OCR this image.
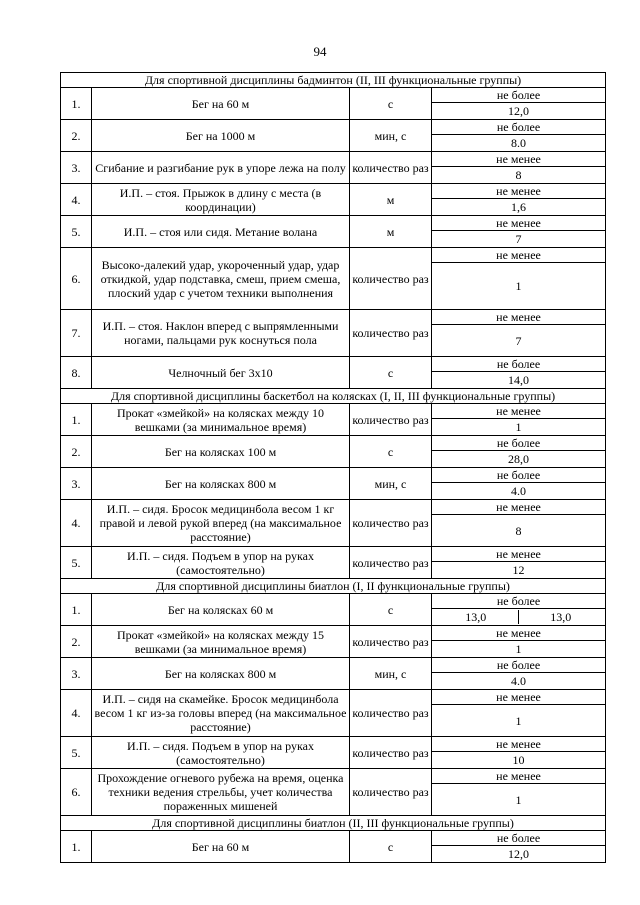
94
Для спортивной дисциплины бадминтон (II, III функциональные группы)			
1.	Бег на 60 м	с	не более
			12,0
2.	Бег на 1000 м	мин, с	не более
			8.0
3.	Сгибание и разгибание рук в упоре лежа на полу	количество раз	не менее
			8
4.	И.П. – стоя. Прыжок в длину с места (в координации)	м	не менее
			1,6
5.	И.П. – стоя или сидя. Метание волана	м	не менее
			7
6.	Высоко-далекий удар, укороченный удар, удар откидкой, удар подставка, смеш, прием смеша, плоский удар с учетом техники выполнения	количество раз	не менее
			1
7.	И.П. – стоя. Наклон вперед с выпрямленными ногами, пальцами рук коснуться пола	количество раз	не менее
			7
8.	Челночный бег 3х10	с	не более
			14,0
Для спортивной дисциплины баскетбол на колясках (I, II, III функциональные группы)			
1.	Прокат «змейкой» на колясках между 10 вешками (за минимальное время)	количество раз	не менее
			1
2.	Бег на колясках 100 м	с	не более
			28,0
3.	Бег на колясках 800 м	мин, с	не более
			4.0
4.	И.П. – сидя. Бросок медицинбола весом 1 кг правой и левой рукой вперед (на максимальное расстояние)	количество раз	не менее
			8
5.	И.П. – сидя. Подъем в упор на руках (самостоятельно)	количество раз	не менее
			12
Для спортивной дисциплины биатлон (I, II функциональные группы)			
1.	Бег на колясках 60 м	с	не более
			13,0 13,0
2.	Прокат «змейкой» на колясках между 15 вешками (за минимальное время)	количество раз	не менее
			1
3.	Бег на колясках 800 м	мин, с	не более
			4.0
4.	И.П. – сидя на скамейке. Бросок медицинбола весом 1 кг из-за головы вперед (на максимальное расстояние)	количество раз	не менее
			1
5.	И.П. – сидя. Подъем в упор на руках (самостоятельно)	количество раз	не менее
			10
6.	Прохождение огневого рубежа на время, оценка техники ведения стрельбы, учет количества пораженных мишеней	количество раз	не менее
			1
Для спортивной дисциплины биатлон (II, III функциональные группы)			
1.	Бег на 60 м	с	не более
			12,0
